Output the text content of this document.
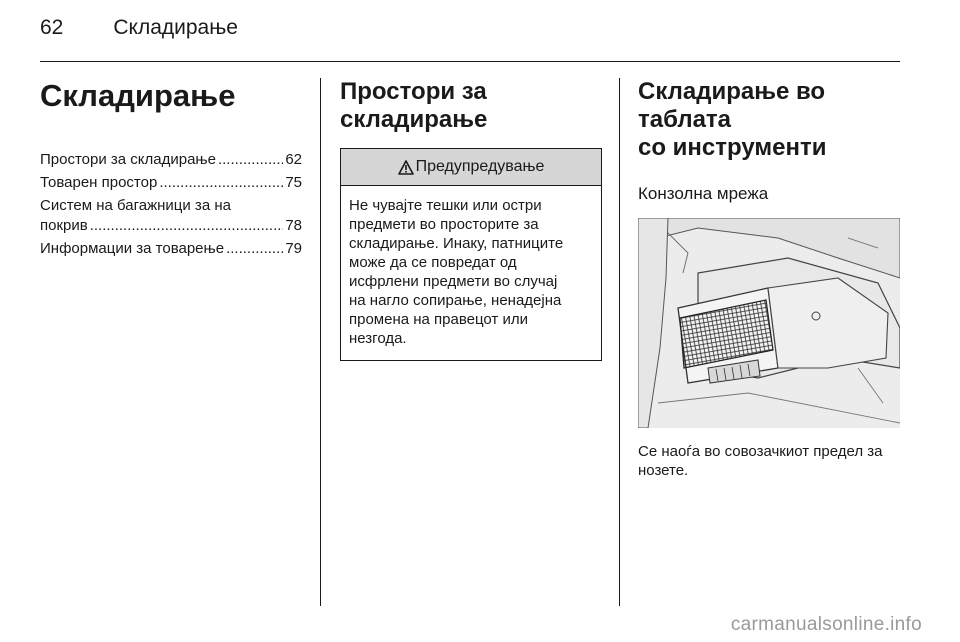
62 Складирање
Складирање
Простори за складирање .....	62
Товарен простор .....	75
Систем на багажници за на
покрив .....	78
Информации за товарење .....	79
Простори за
складирање
Предупредување
Не чувајте тешки или остри
предмети во просторите за
складирање. Инаку, патниците
може да се повредат од
исфрлени предмети во случај
на нагло сопирање, ненадејна
промена на правецот или
незгода.
Складирање во таблата
со инструменти
Конзолна мрежа
Се наоѓа во совозачкиот предел за
нозете.
carmanualsonline.info
